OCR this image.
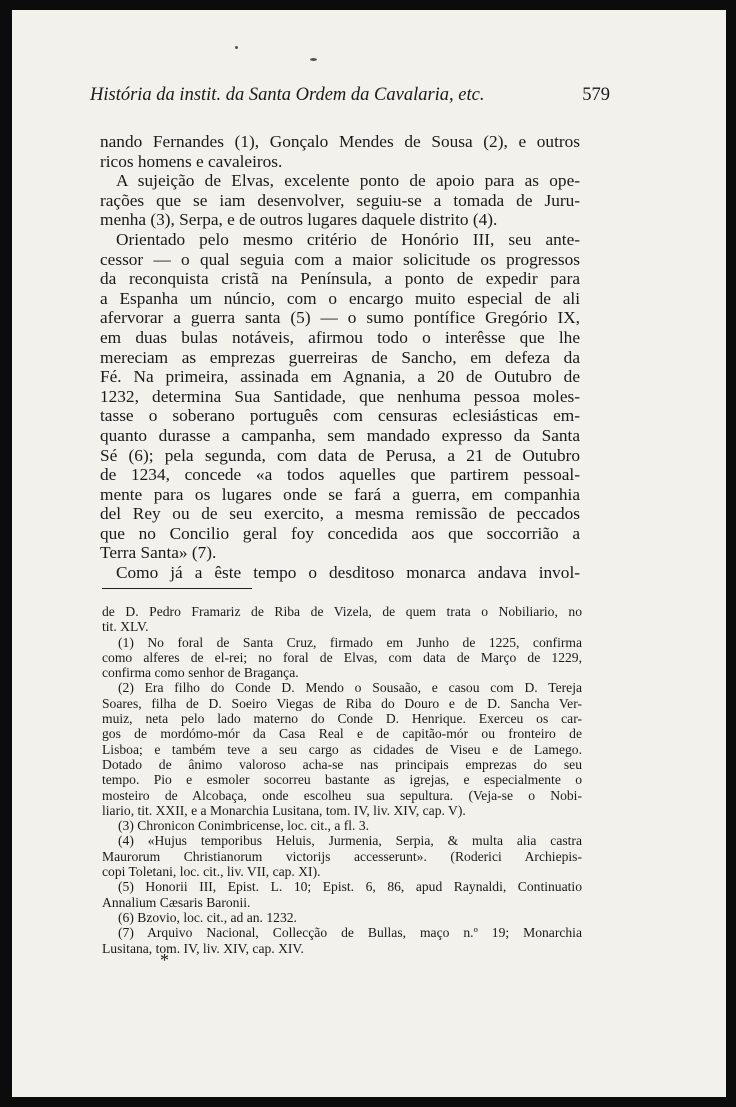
História da instit. da Santa Ordem da Cavalaria, etc.	579
nando Fernandes (1), Gonçalo Mendes de Sousa (2), e outros
ricos homens e cavaleiros.
A sujeição de Elvas, excelente ponto de apoio para as ope-
rações que se iam desenvolver, seguiu-se a tomada de Juru-
menha (3), Serpa, e de outros lugares daquele distrito (4).
Orientado pelo mesmo critério de Honório III, seu ante-
cessor — o qual seguia com a maior solicitude os progressos
da reconquista cristã na Península, a ponto de expedir para
a Espanha um núncio, com o encargo muito especial de ali
afervorar a guerra santa (5) — o sumo pontífice Gregório IX,
em duas bulas notáveis, afirmou todo o interêsse que lhe
mereciam as emprezas guerreiras de Sancho, em defeza da
Fé. Na primeira, assinada em Agnania, a 20 de Outubro de
1232, determina Sua Santidade, que nenhuma pessoa moles-
tasse o soberano português com censuras eclesiásticas em-
quanto durasse a campanha, sem mandado expresso da Santa
Sé (6); pela segunda, com data de Perusa, a 21 de Outubro
de 1234, concede «a todos aquelles que partirem pessoal-
mente para os lugares onde se fará a guerra, em companhia
del Rey ou de seu exercito, a mesma remissão de peccados
que no Concilio geral foy concedida aos que soccorrião a
Terra Santa» (7).
Como já a êste tempo o desditoso monarca andava invol-
de D. Pedro Framariz de Riba de Vizela, de quem trata o Nobiliario, no
tit. XLV.
(1) No foral de Santa Cruz, firmado em Junho de 1225, confirma
como alferes de el-rei; no foral de Elvas, com data de Março de 1229,
confirma como senhor de Bragança.
(2) Era filho do Conde D. Mendo o Sousaão, e casou com D. Tereja
Soares, filha de D. Soeiro Viegas de Riba do Douro e de D. Sancha Ver-
muiz, neta pelo lado materno do Conde D. Henrique. Exerceu os car-
gos de mordómo-mór da Casa Real e de capitão-mór ou fronteiro de
Lisboa; e também teve a seu cargo as cidades de Viseu e de Lamego.
Dotado de ânimo valoroso acha-se nas principais emprezas do seu
tempo. Pio e esmoler socorreu bastante as igrejas, e especialmente o
mosteiro de Alcobaça, onde escolheu sua sepultura. (Veja-se o Nobi-
liario, tit. XXII, e a Monarchia Lusitana, tom. IV, liv. XIV, cap. V).
(3) Chronicon Conimbricense, loc. cit., a fl. 3.
(4) «Hujus temporibus Heluis, Jurmenia, Serpia, & multa alia castra
Maurorum Christianorum victorijs accesserunt». (Roderici Archiepis-
copi Toletani, loc. cit., liv. VII, cap. XI).
(5) Honorii III, Epist. L. 10; Epist. 6, 86, apud Raynaldi, Continuatio
Annalium Cæsaris Baronii.
(6) Bzovio, loc. cit., ad an. 1232.
(7) Arquivo Nacional, Collecção de Bullas, maço n.º 19; Monarchia
Lusitana, tom. IV, liv. XIV, cap. XIV.
*
